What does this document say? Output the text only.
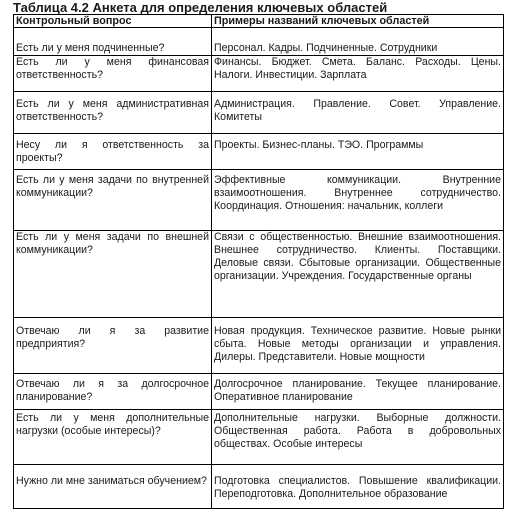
Таблица 4.2 Анкета для определения ключевых областей
Контрольный вопрос	Примеры названий ключевых областей
Есть ли у меня подчиненные?	Персонал. Кадры. Подчиненные. Сотрудники
Есть ли у меня финансовая ответственность?	Финансы. Бюджет. Смета. Баланс. Расходы. Цены. Налоги. Инвестиции. Зарплата
Есть ли у меня административная ответственность?	Администрация. Правление. Совет. Управление. Комитеты
Несу ли я ответственность за проекты?	Проекты. Бизнес-планы. ТЭО. Программы
Есть ли у меня задачи по внутренней коммуникации?	Эффективные коммуникации. Внутренние взаимоотношения. Внутреннее сотрудничество. Координация. Отношения: начальник, коллеги
Есть ли у меня задачи по внешней коммуникации?	Связи с общественностью. Внешние взаимоотношения. Внешнее сотрудничество. Клиенты. Поставщики. Деловые связи. Сбытовые организации. Общественные организации. Учреждения. Государственные органы
Отвечаю ли я за развитие предприятия?	Новая продукция. Техническое развитие. Новые рынки сбыта. Новые методы организации и управления. Дилеры. Представители. Новые мощности
Отвечаю ли я за долгосрочное планирование?	Долгосрочное планирование. Текущее планирование. Оперативное планирование
Есть ли у меня дополнительные нагрузки (особые интересы)?	Дополнительные нагрузки. Выборные должности. Общественная работа. Работа в добровольных обществах. Особые интересы
Нужно ли мне заниматься обучением?	Подготовка специалистов. Повышение квалификации. Переподготовка. Дополнительное образование
